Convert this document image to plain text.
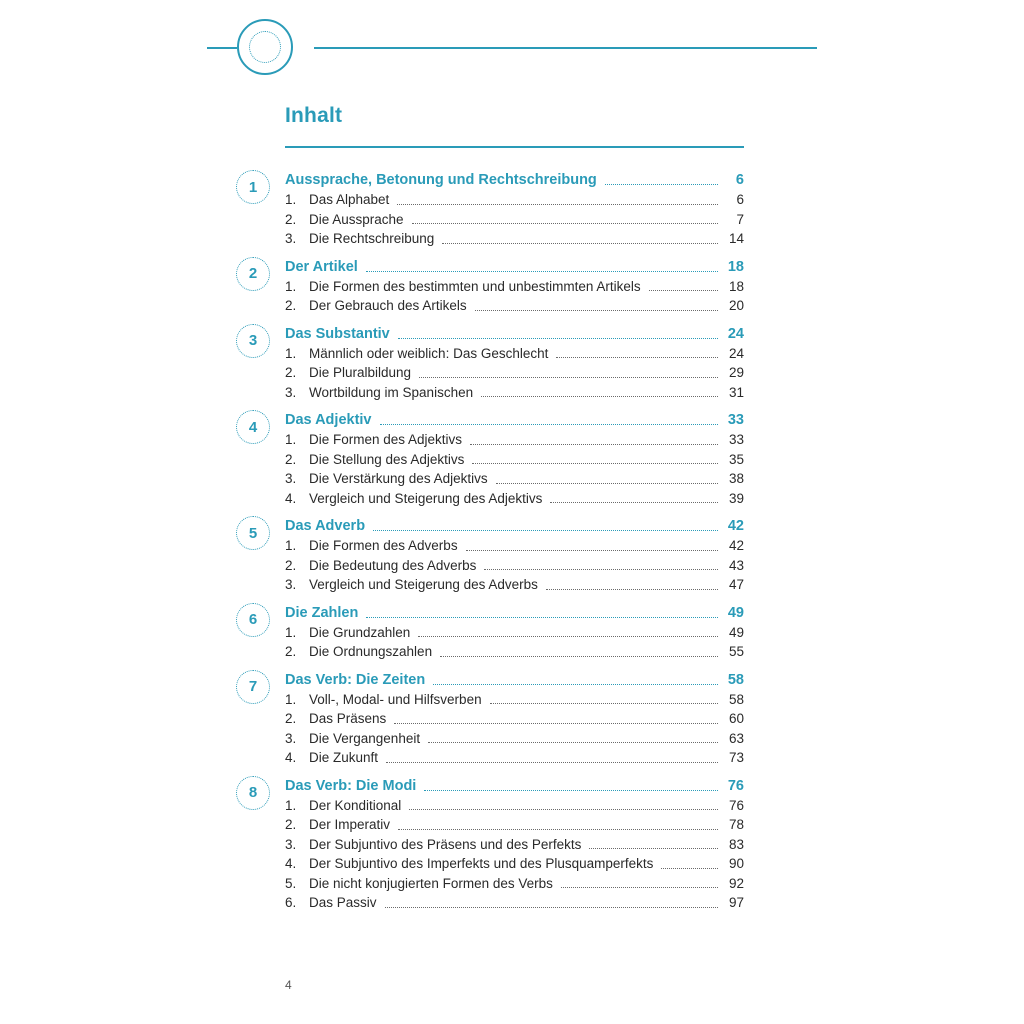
Inhalt
1	Aussprache, Betonung und Rechtschreibung	6
1. Das Alphabet	6
2. Die Aussprache	7
3. Die Rechtschreibung	14
2	Der Artikel	18
1. Die Formen des bestimmten und unbestimmten Artikels	18
2. Der Gebrauch des Artikels	20
3	Das Substantiv	24
1. Männlich oder weiblich: Das Geschlecht	24
2. Die Pluralbildung	29
3. Wortbildung im Spanischen	31
4	Das Adjektiv	33
1. Die Formen des Adjektivs	33
2. Die Stellung des Adjektivs	35
3. Die Verstärkung des Adjektivs	38
4. Vergleich und Steigerung des Adjektivs	39
5	Das Adverb	42
1. Die Formen des Adverbs	42
2. Die Bedeutung des Adverbs	43
3. Vergleich und Steigerung des Adverbs	47
6	Die Zahlen	49
1. Die Grundzahlen	49
2. Die Ordnungszahlen	55
7	Das Verb: Die Zeiten	58
1. Voll-, Modal- und Hilfsverben	58
2. Das Präsens	60
3. Die Vergangenheit	63
4. Die Zukunft	73
8	Das Verb: Die Modi	76
1. Der Konditional	76
2. Der Imperativ	78
3. Der Subjuntivo des Präsens und des Perfekts	83
4. Der Subjuntivo des Imperfekts und des Plusquamperfekts	90
5. Die nicht konjugierten Formen des Verbs	92
6. Das Passiv	97
4
